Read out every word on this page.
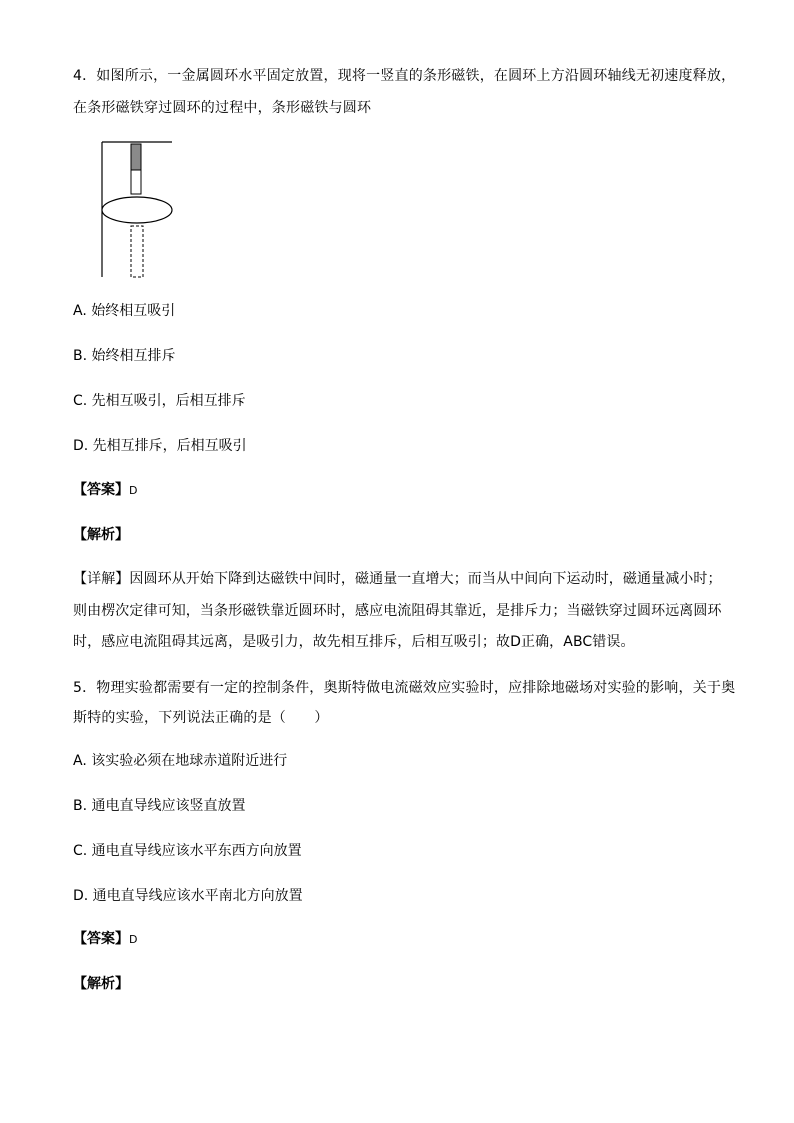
4．如图所示，一金属圆环水平固定放置，现将一竖直的条形磁铁，在圆环上方沿圆环轴线无初速度释放，
在条形磁铁穿过圆环的过程中，条形磁铁与圆环
A. 始终相互吸引
B. 始终相互排斥
C. 先相互吸引，后相互排斥
D. 先相互排斥，后相互吸引
【答案】D
【解析】
【详解】因圆环从开始下降到达磁铁中间时，磁通量一直增大；而当从中间向下运动时，磁通量减小时；
则由楞次定律可知，当条形磁铁靠近圆环时，感应电流阻碍其靠近，是排斥力；当磁铁穿过圆环远离圆环
时，感应电流阻碍其远离，是吸引力，故先相互排斥，后相互吸引；故D正确，ABC错误。
5．物理实验都需要有一定的控制条件，奥斯特做电流磁效应实验时，应排除地磁场对实验的影响，关于奥
斯特的实验，下列说法正确的是（　　）
A. 该实验必须在地球赤道附近进行
B. 通电直导线应该竖直放置
C. 通电直导线应该水平东西方向放置
D. 通电直导线应该水平南北方向放置
【答案】D
【解析】
